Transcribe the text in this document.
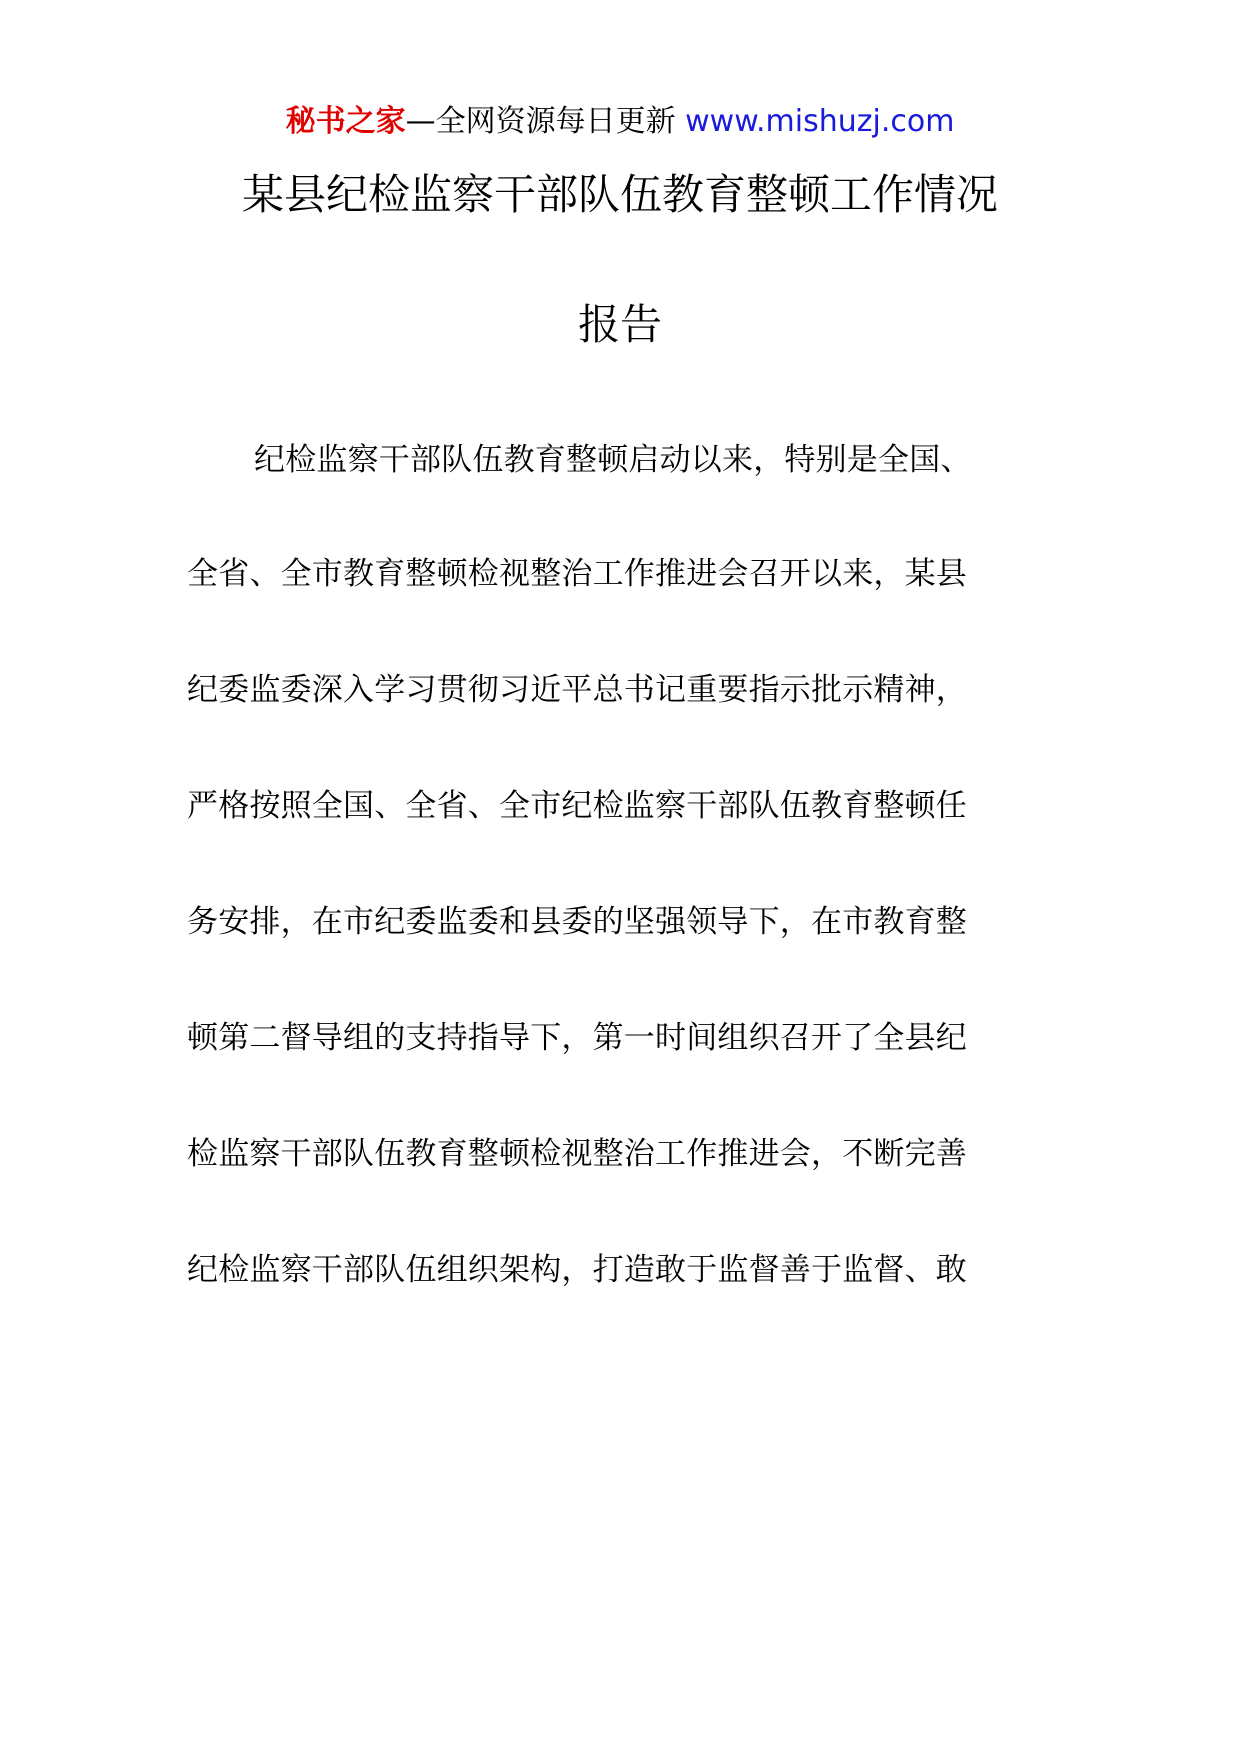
秘书之家—全网资源每日更新 www.mishuzj.com
某县纪检监察干部队伍教育整顿工作情况
报告
纪检监察干部队伍教育整顿启动以来，特别是全国、
全省、全市教育整顿检视整治工作推进会召开以来，某县
纪委监委深入学习贯彻习近平总书记重要指示批示精神，
严格按照全国、全省、全市纪检监察干部队伍教育整顿任
务安排，在市纪委监委和县委的坚强领导下，在市教育整
顿第二督导组的支持指导下，第一时间组织召开了全县纪
检监察干部队伍教育整顿检视整治工作推进会，不断完善
纪检监察干部队伍组织架构，打造敢于监督善于监督、敢
